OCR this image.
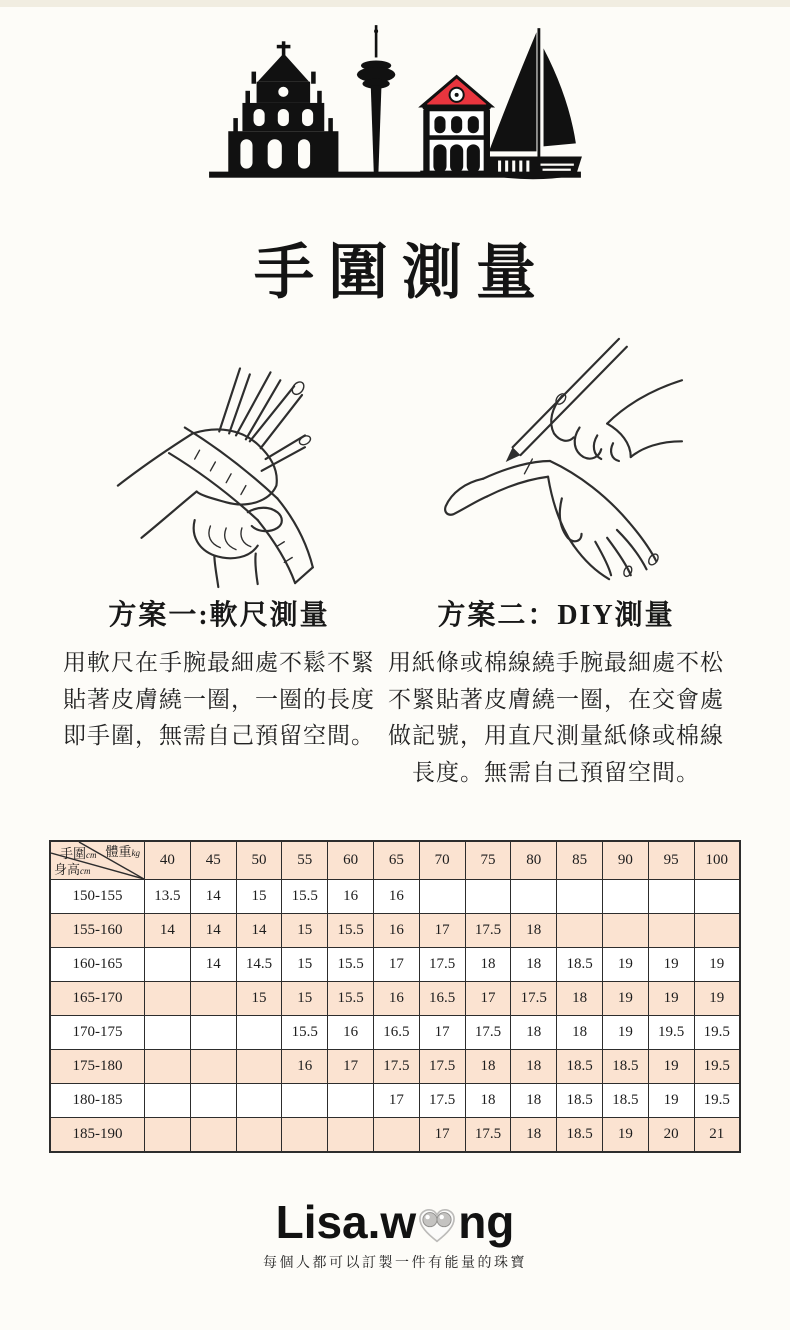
手圍測量
方案一:軟尺測量
用軟尺在手腕最細處不鬆不緊貼著皮膚繞一圈，一圈的長度即手圍，無需自己預留空間。
方案二：DIY測量
用紙條或棉線繞手腕最細處不松不緊貼著皮膚繞一圈，在交會處做記號，用直尺測量紙條或棉線長度。無需自己預留空間。
手圍cm 體重kg
身高cm	40	45	50	55	60	65	70	75	80	85	90	95	100
150-155	13.5	14	15	15.5	16	16							
155-160	14	14	14	15	15.5	16	17	17.5	18				
160-165		14	14.5	15	15.5	17	17.5	18	18	18.5	19	19	19
165-170			15	15	15.5	16	16.5	17	17.5	18	19	19	19
170-175				15.5	16	16.5	17	17.5	18	18	19	19.5	19.5
175-180				16	17	17.5	17.5	18	18	18.5	18.5	19	19.5
180-185						17	17.5	18	18	18.5	18.5	19	19.5
185-190							17	17.5	18	18.5	19	20	21
Lisa.w ng
每個人都可以訂製一件有能量的珠寶
